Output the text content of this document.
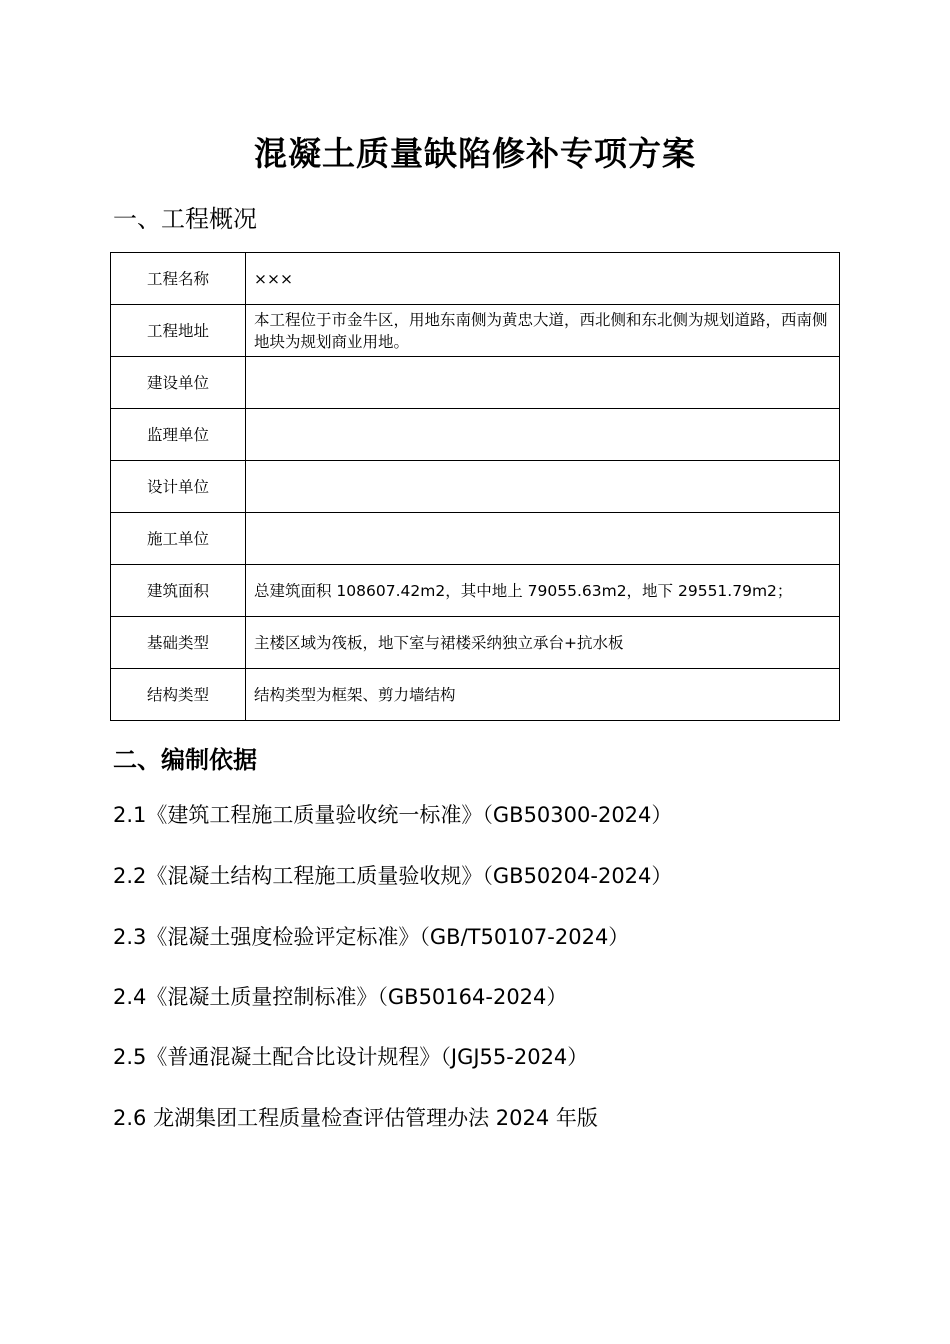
混凝土质量缺陷修补专项方案
一、工程概况
工程名称	×××
工程地址	本工程位于市金牛区，用地东南侧为黄忠大道，西北侧和东北侧为规划道路，西南侧地块为规划商业用地。
建设单位	
监理单位	
设计单位	
施工单位	
建筑面积	总建筑面积 108607.42m2，其中地上 79055.63m2，地下 29551.79m2；
基础类型	主楼区域为筏板，地下室与裙楼采纳独立承台+抗水板
结构类型	结构类型为框架、剪力墙结构
二、编制依据

2.1《建筑工程施工质量验收统一标准》（GB50300-2024）

2.2《混凝土结构工程施工质量验收规》（GB50204-2024）

2.3《混凝土强度检验评定标准》（GB/T50107-2024）

2.4《混凝土质量控制标准》（GB50164-2024）

2.5《普通混凝土配合比设计规程》（JGJ55-2024）

2.6 龙湖集团工程质量检查评估管理办法 2024 年版
